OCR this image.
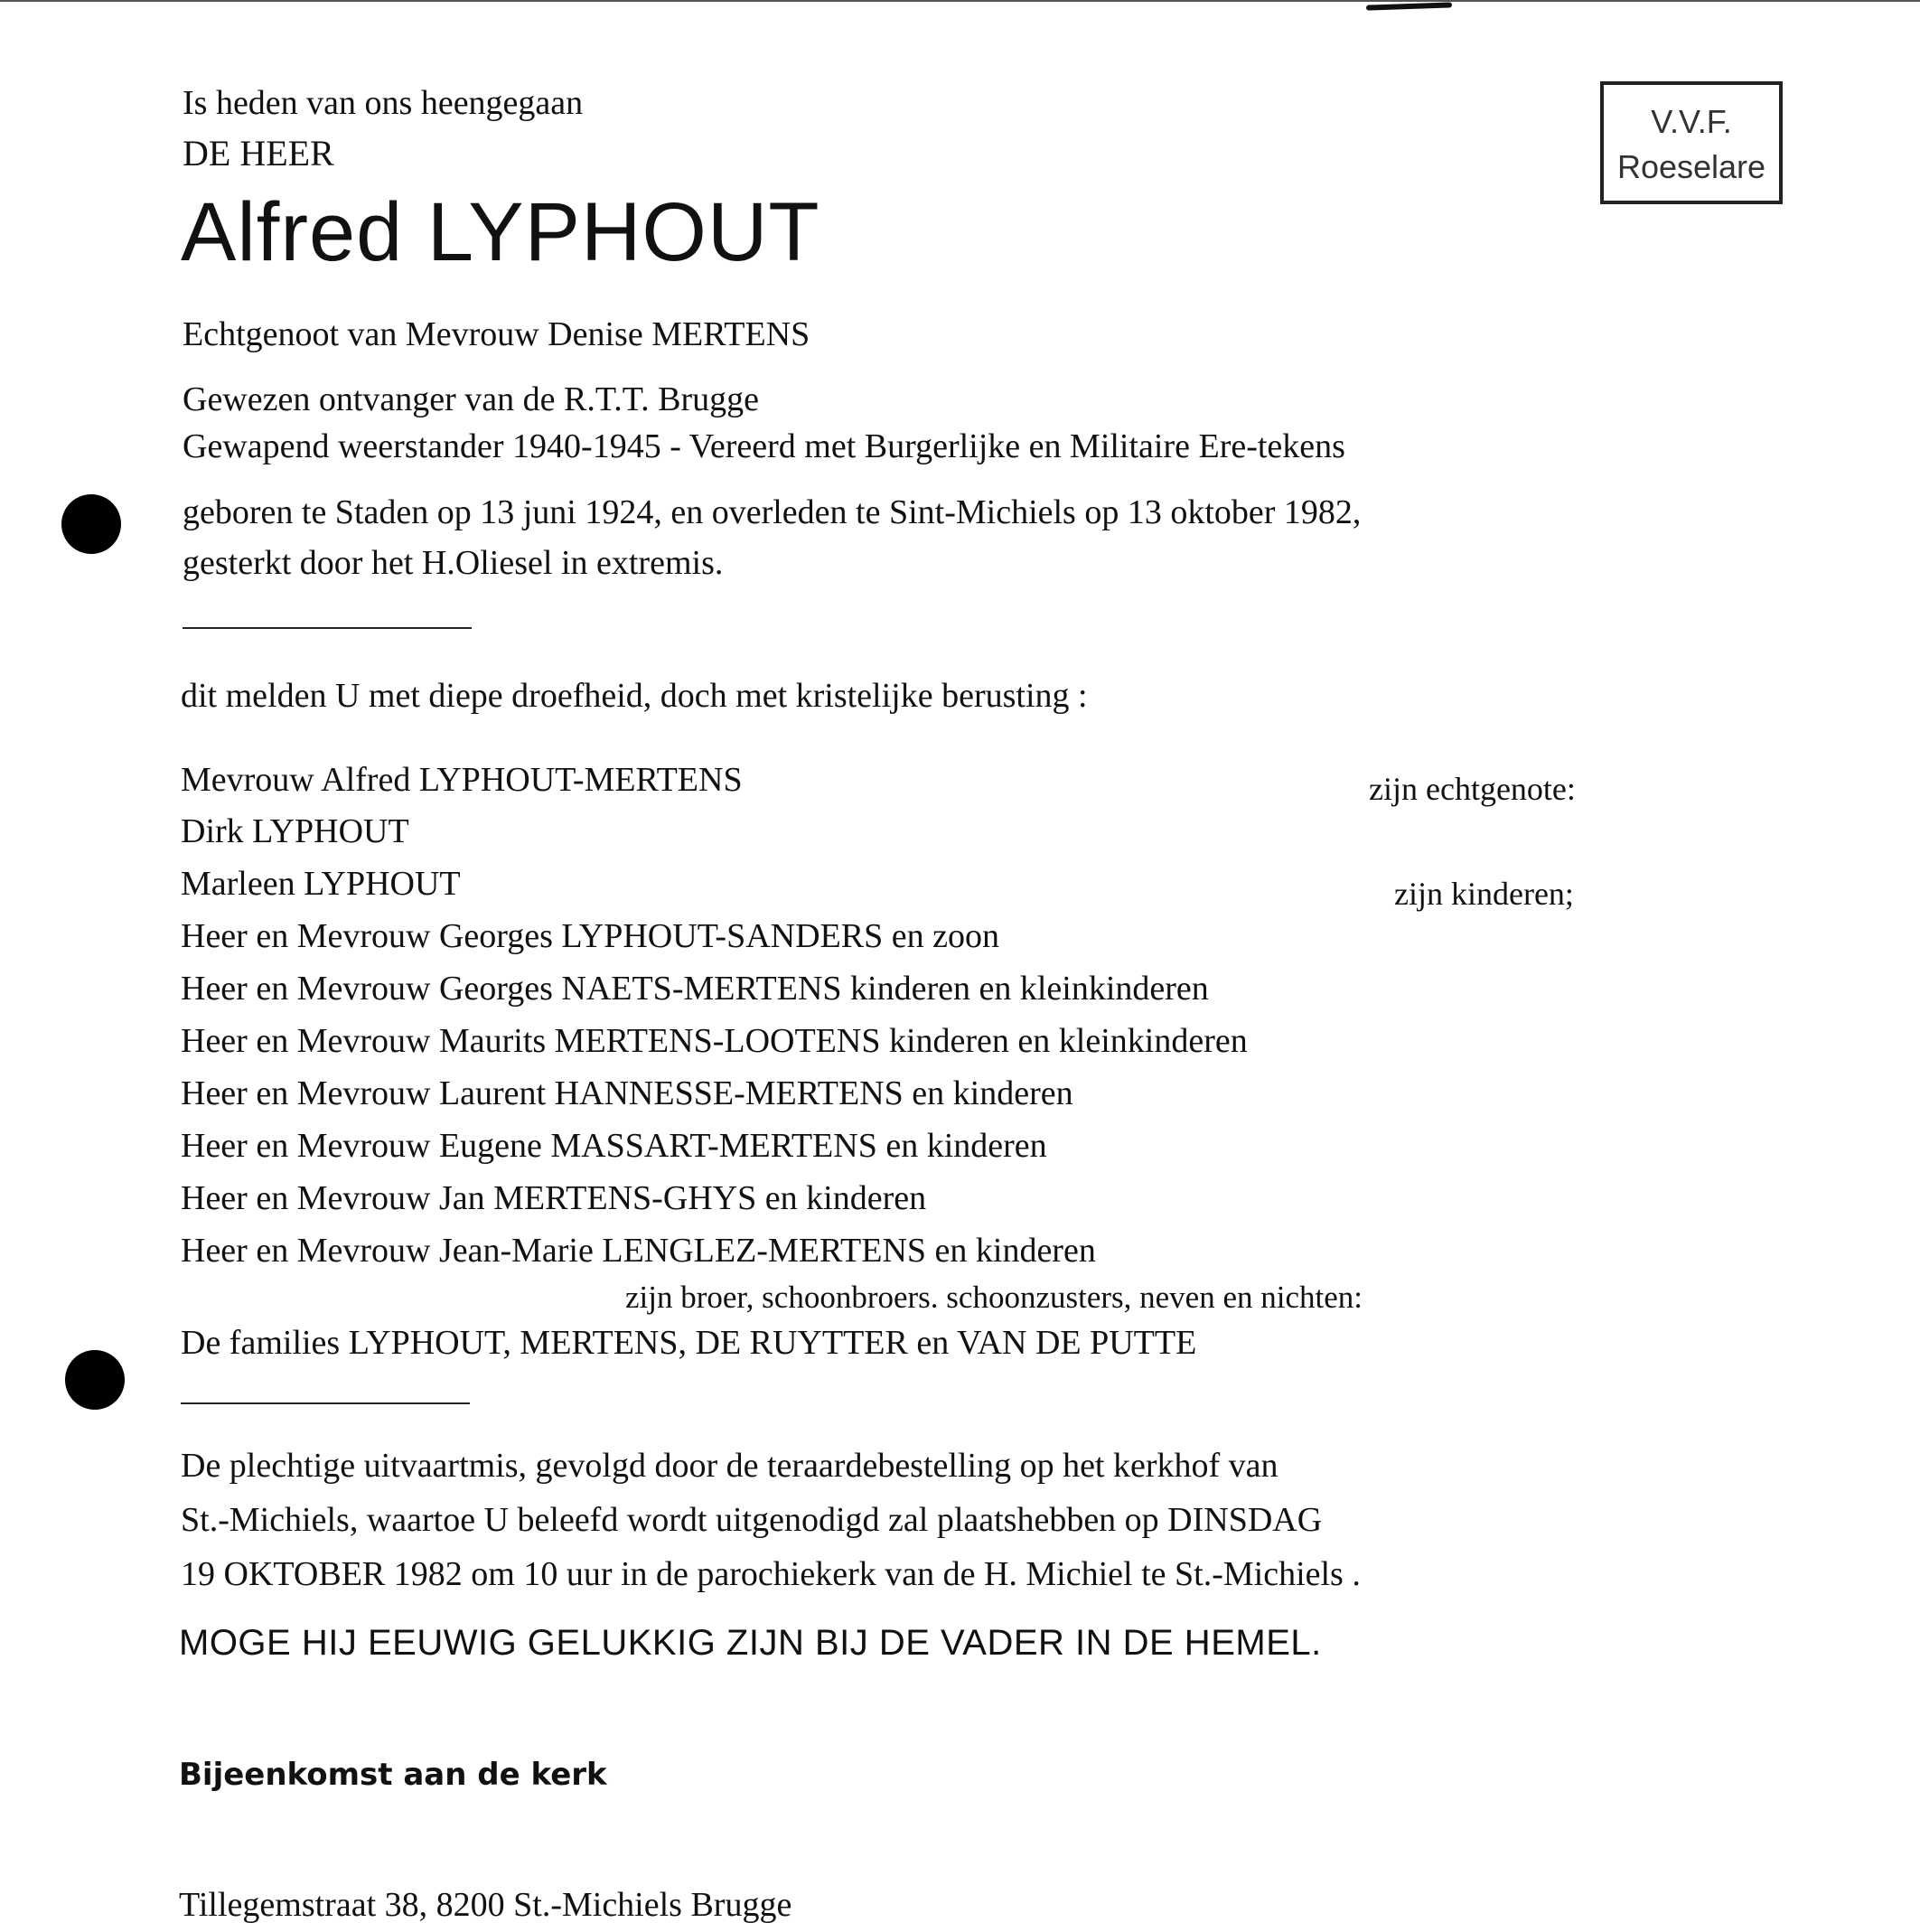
V.V.F.
Roeselare
Is heden van ons heengegaan
DE HEER
Alfred LYPHOUT
Echtgenoot van Mevrouw Denise MERTENS
Gewezen ontvanger van de R.T.T. Brugge
Gewapend weerstander 1940-1945 - Vereerd met Burgerlijke en Militaire Ere-tekens
geboren te Staden op 13 juni 1924, en overleden te Sint-Michiels op 13 oktober 1982,
gesterkt door het H.Oliesel in extremis.
dit melden U met diepe droefheid, doch met kristelijke berusting :
Mevrouw Alfred LYPHOUT-MERTENS	zijn echtgenote:
Dirk LYPHOUT
Marleen LYPHOUT	zijn kinderen;
Heer en Mevrouw Georges LYPHOUT-SANDERS en zoon
Heer en Mevrouw Georges NAETS-MERTENS kinderen en kleinkinderen
Heer en Mevrouw Maurits MERTENS-LOOTENS kinderen en kleinkinderen
Heer en Mevrouw Laurent HANNESSE-MERTENS en kinderen
Heer en Mevrouw Eugene MASSART-MERTENS en kinderen
Heer en Mevrouw Jan MERTENS-GHYS en kinderen
Heer en Mevrouw Jean-Marie LENGLEZ-MERTENS en kinderen
zijn broer, schoonbroers. schoonzusters, neven en nichten:
De families LYPHOUT, MERTENS, DE RUYTTER en VAN DE PUTTE
De plechtige uitvaartmis, gevolgd door de teraardebestelling op het kerkhof van
St.-Michiels, waartoe U beleefd wordt uitgenodigd zal plaatshebben op DINSDAG
19 OKTOBER 1982 om 10 uur in de parochiekerk van de H. Michiel te St.-Michiels .
MOGE HIJ EEUWIG GELUKKIG ZIJN BIJ DE VADER IN DE HEMEL.
Bijeenkomst aan de kerk
Tillegemstraat 38, 8200 St.-Michiels Brugge
